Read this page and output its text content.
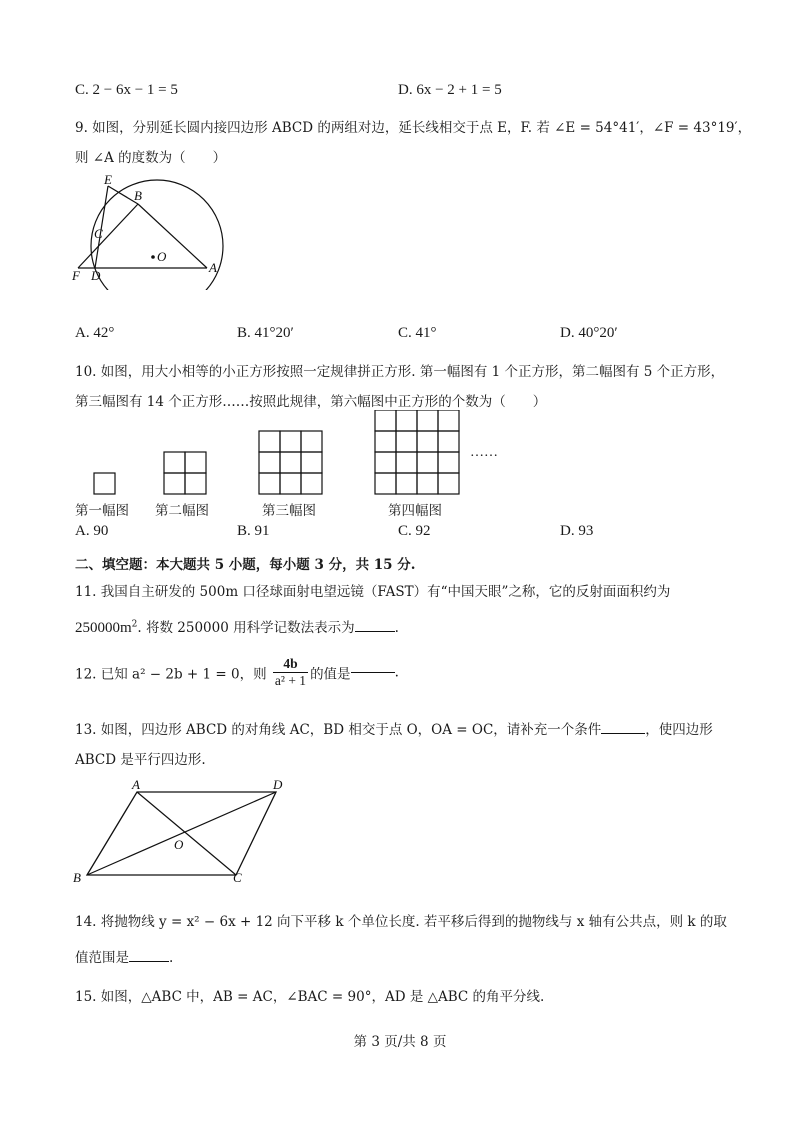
C. 2 − 6x − 1 = 5	D. 6x − 2 + 1 = 5
9. 如图，分别延长圆内接四边形 ABCD 的两组对边，延长线相交于点 E，F. 若 ∠E = 54°41′，∠F = 43°19′，
则 ∠A 的度数为（　　）
E
B
C
O
F D
A
A. 42°	B. 41°20′	C. 41°	D. 40°20′
10. 如图，用大小相等的小正方形按照一定规律拼正方形. 第一幅图有 1 个正方形，第二幅图有 5 个正方形，
第三幅图有 14 个正方形……按照此规律，第六幅图中正方形的个数为（　　）
……
第一幅图 第二幅图	第三幅图	第四幅图
A. 90	B. 91	C. 92	D. 93
二、填空题：本大题共 5 小题，每小题 3 分，共 15 分.
11. 我国自主研发的 500m 口径球面射电望远镜（FAST）有“中国天眼”之称，它的反射面面积约为
$250000m^2$. 将数 250000 用科学记数法表示为	.
12. 已知 a² − 2b + 1 = 0，则 $\frac{4b}{\text{a² + 1}}$ 的值是	.
13. 如图，四边形 ABCD 的对角线 AC，BD 相交于点 O，OA = OC，请补充一个条件	，使四边形
ABCD 是平行四边形.
A	D
O
B	C
14. 将抛物线 y = x² − 6x + 12 向下平移 k 个单位长度. 若平移后得到的抛物线与 x 轴有公共点，则 k 的取
值范围是	.
15. 如图，△ABC 中，AB = AC，∠BAC = 90°，AD 是 △ABC 的角平分线.
第 3 页/共 8 页
